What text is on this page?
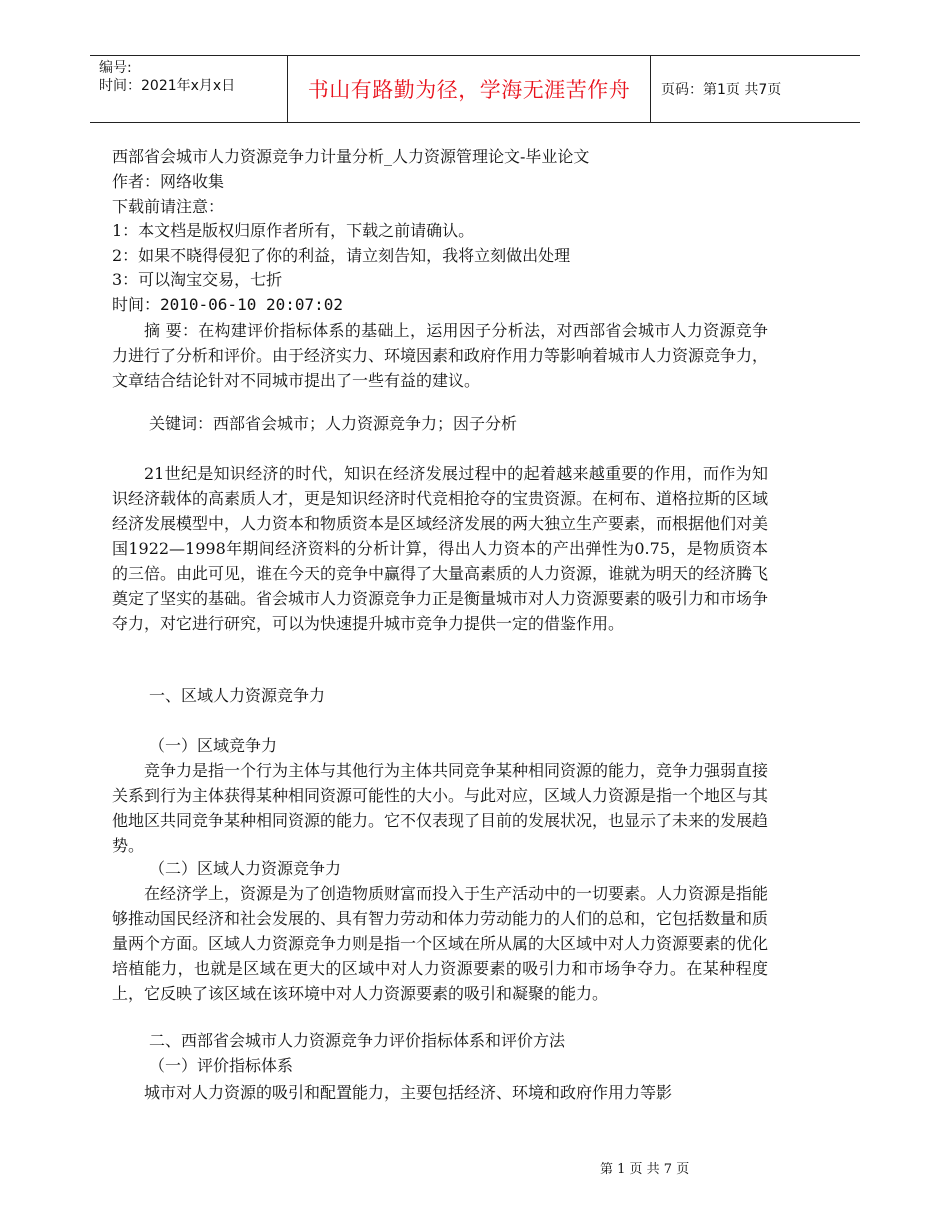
编号:
时间：2021年x月x日	书山有路勤为径，学海无涯苦作舟 页码：第1页 共7页
西部省会城市人力资源竞争力计量分析_人力资源管理论文-毕业论文
作者：网络收集
下载前请注意：
1：本文档是版权归原作者所有，下载之前请确认。
2：如果不晓得侵犯了你的利益，请立刻告知，我将立刻做出处理
3：可以淘宝交易，七折
时间：2010-06-10 20:07:02
摘 要：在构建评价指标体系的基础上，运用因子分析法，对西部省会城市人力资源竞争力进行了分析和评价。由于经济实力、环境因素和政府作用力等影响着城市人力资源竞争力，文章结合结论针对不同城市提出了一些有益的建议。
关键词：西部省会城市；人力资源竞争力；因子分析
21世纪是知识经济的时代，知识在经济发展过程中的起着越来越重要的作用，而作为知识经济载体的高素质人才，更是知识经济时代竞相抢夺的宝贵资源。在柯布、道格拉斯的区域经济发展模型中，人力资本和物质资本是区域经济发展的两大独立生产要素，而根据他们对美国1922—1998年期间经济资料的分析计算，得出人力资本的产出弹性为0.75，是物质资本的三倍。由此可见，谁在今天的竞争中赢得了大量高素质的人力资源，谁就为明天的经济腾飞奠定了坚实的基础。省会城市人力资源竞争力正是衡量城市对人力资源要素的吸引力和市场争夺力，对它进行研究，可以为快速提升城市竞争力提供一定的借鉴作用。
一、区域人力资源竞争力
（一）区域竞争力
竞争力是指一个行为主体与其他行为主体共同竞争某种相同资源的能力，竞争力强弱直接关系到行为主体获得某种相同资源可能性的大小。与此对应，区域人力资源是指一个地区与其他地区共同竞争某种相同资源的能力。它不仅表现了目前的发展状况，也显示了未来的发展趋势。
（二）区域人力资源竞争力
在经济学上，资源是为了创造物质财富而投入于生产活动中的一切要素。人力资源是指能够推动国民经济和社会发展的、具有智力劳动和体力劳动能力的人们的总和，它包括数量和质量两个方面。区域人力资源竞争力则是指一个区域在所从属的大区域中对人力资源要素的优化培植能力，也就是区域在更大的区域中对人力资源要素的吸引力和市场争夺力。在某种程度上，它反映了该区域在该环境中对人力资源要素的吸引和凝聚的能力。
二、西部省会城市人力资源竞争力评价指标体系和评价方法
（一）评价指标体系
城市对人力资源的吸引和配置能力，主要包括经济、环境和政府作用力等影
第 1 页 共 7 页
